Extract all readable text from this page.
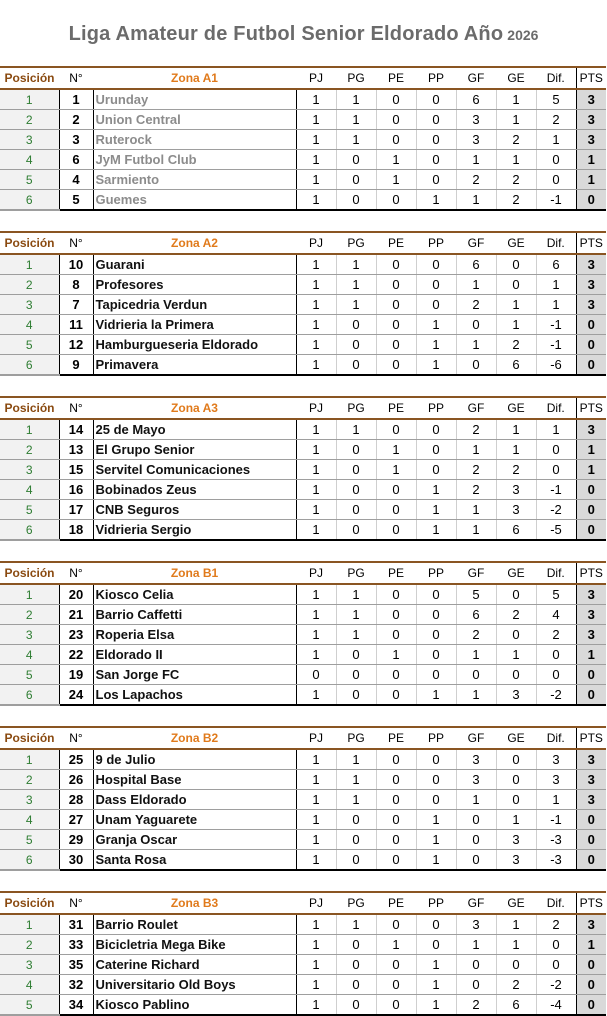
Liga Amateur de Futbol Senior Eldorado Año 2026
Posición	N°	Zona A1	PJ	PG	PE	PP	GF	GE	Dif.	PTS
1	1	Urunday	1	1	0	0	6	1	5	3
2	2	Union Central	1	1	0	0	3	1	2	3
3	3	Ruterock	1	1	0	0	3	2	1	3
4	6	JyM Futbol Club	1	0	1	0	1	1	0	1
5	4	Sarmiento	1	0	1	0	2	2	0	1
6	5	Guemes	1	0	0	1	1	2	-1	0
Posición	N°	Zona A2	PJ	PG	PE	PP	GF	GE	Dif.	PTS
1	10	Guarani	1	1	0	0	6	0	6	3
2	8	Profesores	1	1	0	0	1	0	1	3
3	7	Tapicedria Verdun	1	1	0	0	2	1	1	3
4	11	Vidrieria la Primera	1	0	0	1	0	1	-1	0
5	12	Hamburgueseria Eldorado	1	0	0	1	1	2	-1	0
6	9	Primavera	1	0	0	1	0	6	-6	0
Posición	N°	Zona A3	PJ	PG	PE	PP	GF	GE	Dif.	PTS
1	14	25 de Mayo	1	1	0	0	2	1	1	3
2	13	El Grupo Senior	1	0	1	0	1	1	0	1
3	15	Servitel Comunicaciones	1	0	1	0	2	2	0	1
4	16	Bobinados Zeus	1	0	0	1	2	3	-1	0
5	17	CNB Seguros	1	0	0	1	1	3	-2	0
6	18	Vidrieria Sergio	1	0	0	1	1	6	-5	0
Posición	N°	Zona B1	PJ	PG	PE	PP	GF	GE	Dif.	PTS
1	20	Kiosco Celia	1	1	0	0	5	0	5	3
2	21	Barrio Caffetti	1	1	0	0	6	2	4	3
3	23	Roperia Elsa	1	1	0	0	2	0	2	3
4	22	Eldorado II	1	0	1	0	1	1	0	1
5	19	San Jorge FC	0	0	0	0	0	0	0	0
6	24	Los Lapachos	1	0	0	1	1	3	-2	0
Posición	N°	Zona B2	PJ	PG	PE	PP	GF	GE	Dif.	PTS
1	25	9 de Julio	1	1	0	0	3	0	3	3
2	26	Hospital Base	1	1	0	0	3	0	3	3
3	28	Dass Eldorado	1	1	0	0	1	0	1	3
4	27	Unam Yaguarete	1	0	0	1	0	1	-1	0
5	29	Granja Oscar	1	0	0	1	0	3	-3	0
6	30	Santa Rosa	1	0	0	1	0	3	-3	0
Posición	N°	Zona B3	PJ	PG	PE	PP	GF	GE	Dif.	PTS
1	31	Barrio Roulet	1	1	0	0	3	1	2	3
2	33	Bicicletria Mega Bike	1	0	1	0	1	1	0	1
3	35	Caterine Richard	1	0	0	1	0	0	0	0
4	32	Universitario Old Boys	1	0	0	1	0	2	-2	0
5	34	Kiosco Pablino	1	0	0	1	2	6	-4	0
